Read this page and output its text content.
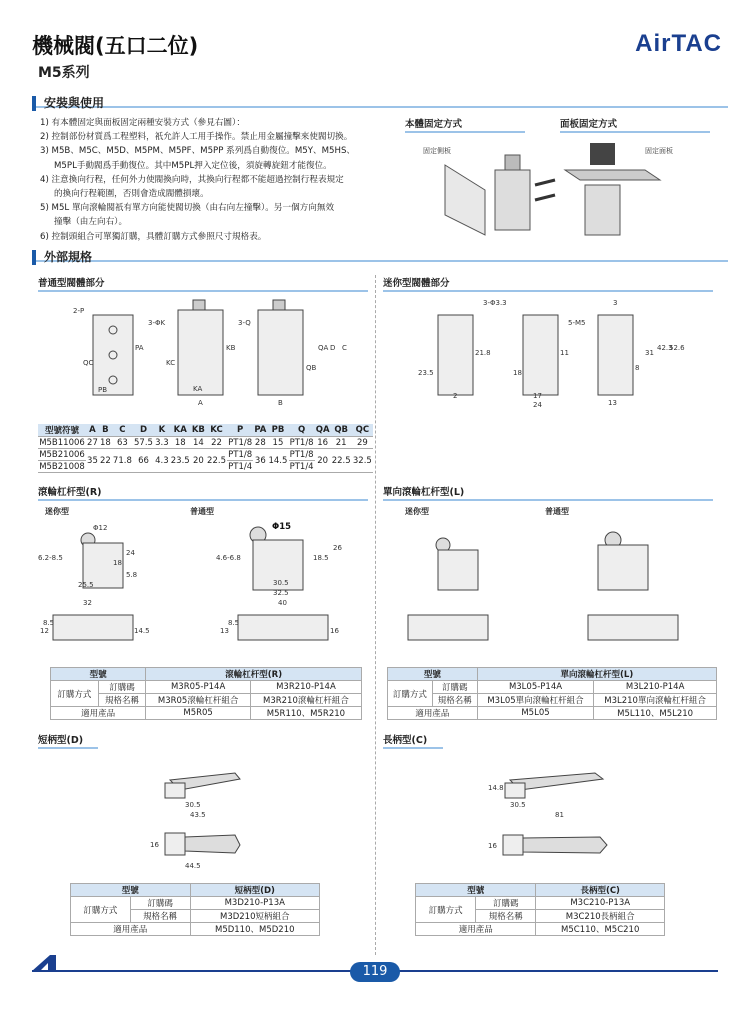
機械閥(五口二位)
M5系列
AirTAC
安裝與使用
1) 有本體固定與面板固定兩種安裝方式（參見右圖）：
2) 控制部份材質爲工程塑料，祇允許人工用手操作。禁止用金屬撞擊來使閥切換。
3) M5B、M5C、M5D、M5PM、M5PF、M5PP 系列爲自動復位。M5Y、M5HS、
M5PL手動閥爲手動復位。其中M5PL押入定位後，須旋轉旋鈕才能復位。
4) 注意換向行程，任何外力使閥換向時，其換向行程都不能超過控制行程表規定
的換向行程範圍，否則會造成閥體損壞。
5) M5L 單向滾輪閥祇有單方向能使閥切換（由右向左撞擊）。另一個方向無效
撞擊（由左向右）。
6) 控制頭組合可單獨訂購，具體訂購方式參照尺寸規格表。
本體固定方式	面板固定方式
固定側板	固定面板
外部規格
普通型閥體部分	迷你型閥體部分
2-P
3-ΦK	3-Q
QC
PB
PA
KC
KB
KA
A
QB
QA D C
B
3-Φ3.3
5-M5
23.5
21.8
18
11
3
2	17
24
8
31
42.3
52.6
13
型號符號	A	B	C	D	K	KA	KB	KC	P	PA	PB	Q	QA	QB	QC
M5B11006	27	18	63	57.5	3.3	18	14	22	PT1/8	28	15	PT1/8	16	21	29
M5B21006	35	22	71.8	66	4.3	23.5	20	22.5	PT1/8	36	14.5	PT1/8	20	22.5	32.5
M5B21008									PT1/4			PT1/4			
滾輪杠杆型(R)	單向滾輪杠杆型(L)
迷你型	普通型	迷你型	普通型
Φ12
6.2-8.5
24
18
5.8
25.5
32
12
8.5
14.5
Φ15
4.6-6.8
26
18.5
30.5
32.5
40
13
8.5
16
型號		滾輪杠杆型(R)	
訂購方式	訂購碼	M3R05-P14A	M3R210-P14A
	規格名稱	M3R05滾輪杠杆組合	M3R210滾輪杠杆組合
適用產品		M5R05	M5R110、M5R210
型號		單向滾輪杠杆型(L)	
訂購方式	訂購碼	M3L05-P14A	M3L210-P14A
	規格名稱	M3L05單向滾輪杠杆組合	M3L210單向滾輪杠杆組合
適用產品		M5L05	M5L110、M5L210
短柄型(D)	長柄型(C)
30.5
43.5
16
44.5
14.8
30.5
81
16
型號		短柄型(D)
訂購方式	訂購碼	M3D210-P13A
	規格名稱	M3D210短柄組合
適用產品		M5D110、M5D210
型號		長柄型(C)
訂購方式	訂購碼	M3C210-P13A
	規格名稱	M3C210長柄組合
適用產品		M5C110、M5C210
119
